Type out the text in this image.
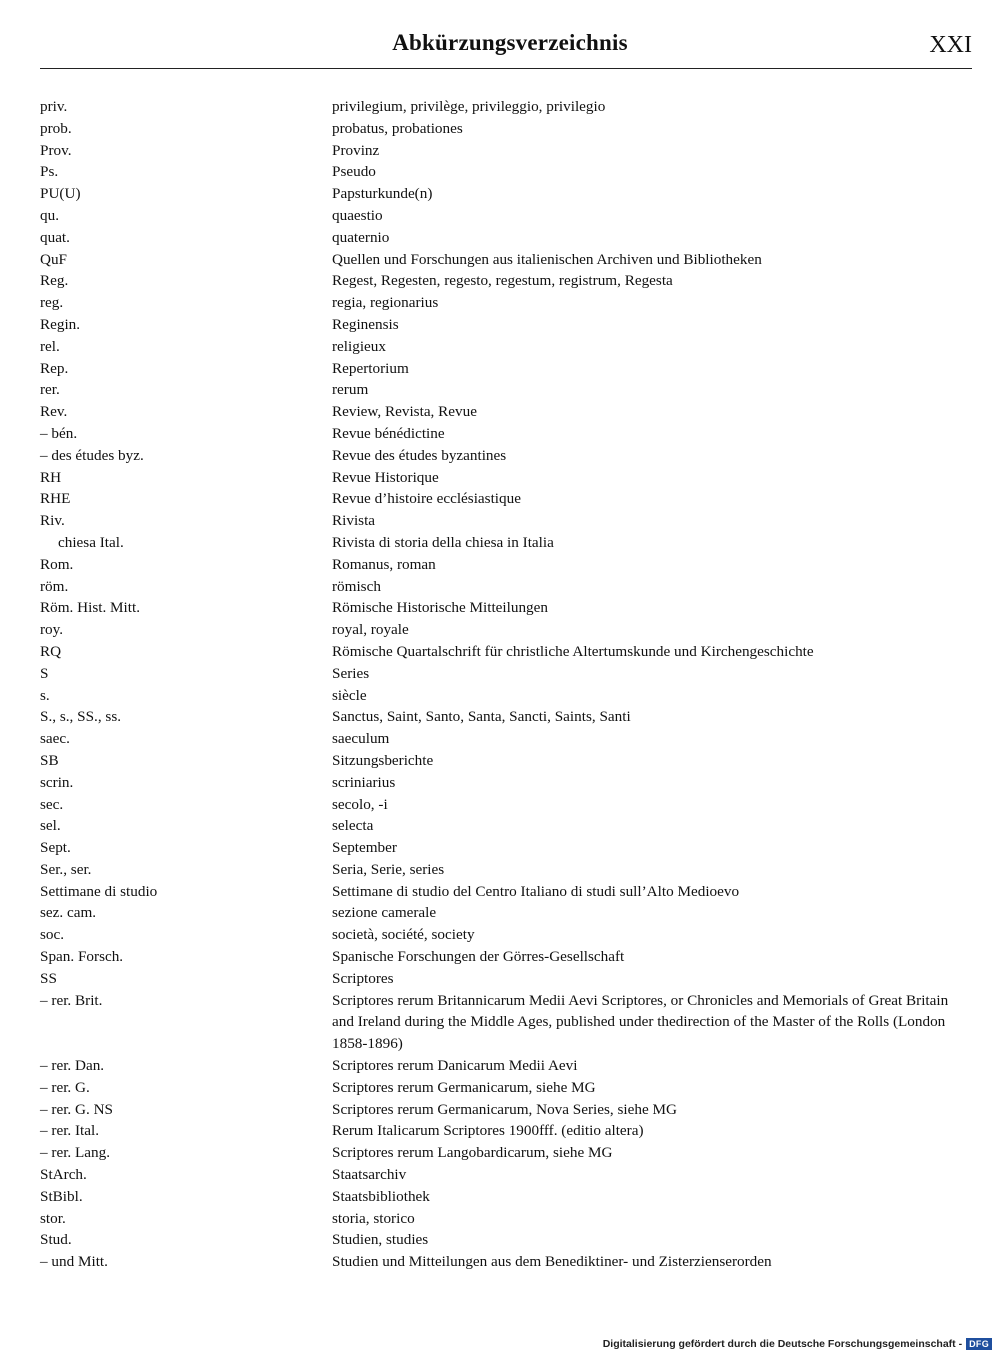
Abkürzungsverzeichnis	XXI
priv.	privilegium, privilège, privileggio, privilegio
prob.	probatus, probationes
Prov.	Provinz
Ps.	Pseudo
PU(U)	Papsturkunde(n)
qu.	quaestio
quat.	quaternio
QuF	Quellen und Forschungen aus italienischen Archiven und Bibliotheken
Reg.	Regest, Regesten, regesto, regestum, registrum, Regesta
reg.	regia, regionarius
Regin.	Reginensis
rel.	religieux
Rep.	Repertorium
rer.	rerum
Rev.	Review, Revista, Revue
– bén.	Revue bénédictine
– des études byz.	Revue des études byzantines
RH	Revue Historique
RHE	Revue d’histoire ecclésiastique
Riv.	Rivista
chiesa Ital.	Rivista di storia della chiesa in Italia
Rom.	Romanus, roman
röm.	römisch
Röm. Hist. Mitt.	Römische Historische Mitteilungen
roy.	royal, royale
RQ	Römische Quartalschrift für christliche Altertumskunde und Kirchengeschichte
S	Series
s.	siècle
S., s., SS., ss.	Sanctus, Saint, Santo, Santa, Sancti, Saints, Santi
saec.	saeculum
SB	Sitzungsberichte
scrin.	scriniarius
sec.	secolo, -i
sel.	selecta
Sept.	September
Ser., ser.	Seria, Serie, series
Settimane di studio	Settimane di studio del Centro Italiano di studi sull’Alto Medioevo
sez. cam.	sezione camerale
soc.	società, société, society
Span. Forsch.	Spanische Forschungen der Görres-Gesellschaft
SS	Scriptores
– rer. Brit.	Scriptores rerum Britannicarum Medii Aevi Scriptores, or Chronicles and Memorials of Great Britain and Ireland during the Middle Ages, published under thedirection of the Master of the Rolls (London 1858-1896)
– rer. Dan.	Scriptores rerum Danicarum Medii Aevi
– rer. G.	Scriptores rerum Germanicarum, siehe MG
– rer. G. NS	Scriptores rerum Germanicarum, Nova Series, siehe MG
– rer. Ital.	Rerum Italicarum Scriptores 1900fff. (editio altera)
– rer. Lang.	Scriptores rerum Langobardicarum, siehe MG
StArch.	Staatsarchiv
StBibl.	Staatsbibliothek
stor.	storia, storico
Stud.	Studien, studies
– und Mitt.	Studien und Mitteilungen aus dem Benediktiner- und Zisterzienserorden
Digitalisierung gefördert durch die Deutsche Forschungsgemeinschaft - DFG
